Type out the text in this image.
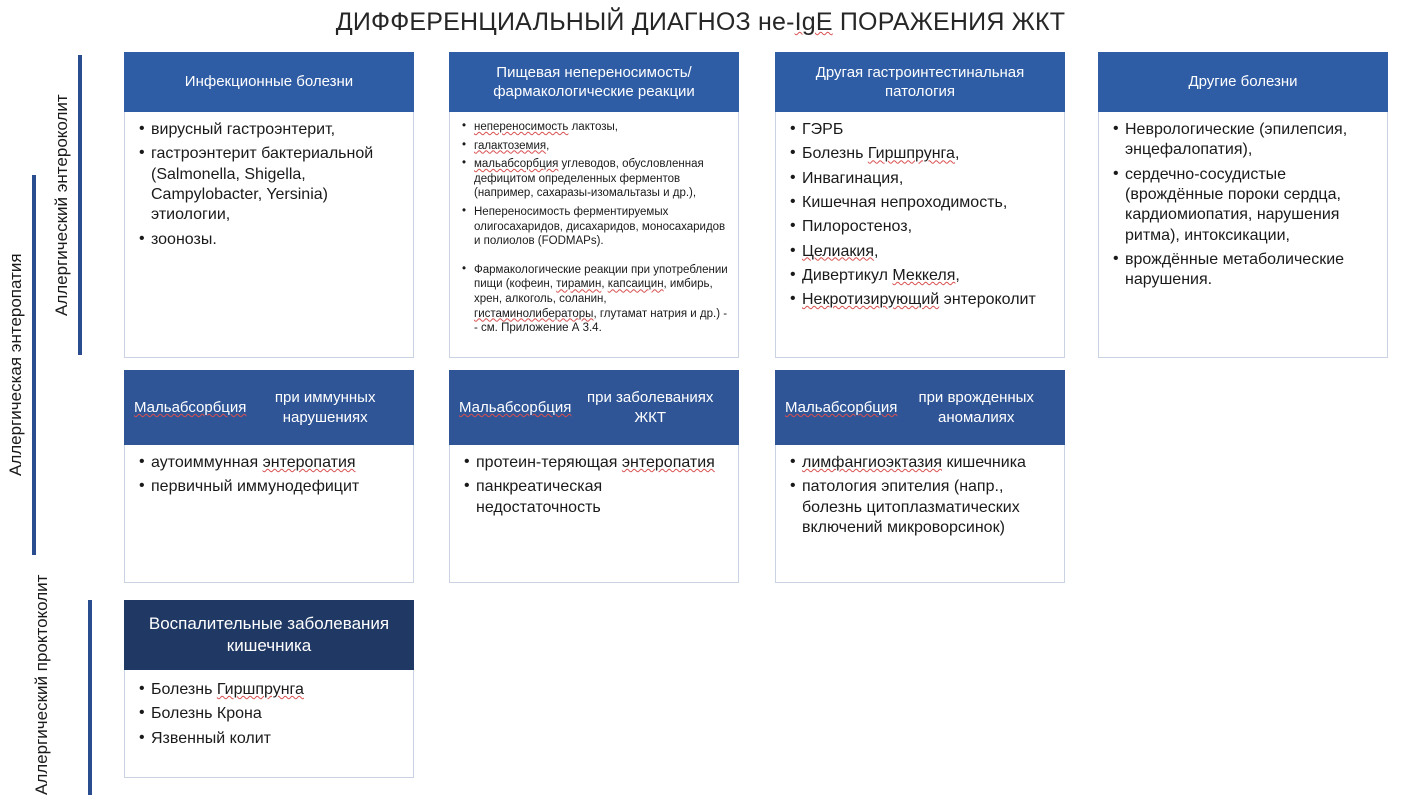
ДИФФЕРЕНЦИАЛЬНЫЙ ДИАГНОЗ не-IgE ПОРАЖЕНИЯ ЖКТ
Аллергическая энтеропатия
Аллергический энтероколит
Аллергический проктоколит
Инфекционные болезни
• вирусный гастроэнтерит,
• гастроэнтерит бактериальной (Salmonella, Shigella, Campylobacter, Yersinia) этиологии,
• зоонозы.
Пищевая непереносимость/ фармакологические реакции
• непереносимость лактозы,
• галактоземия,
• мальабсорбция углеводов, обусловленная дефицитом определенных ферментов (например, сахаразы-изомальтазы и др.),
• Непереносимость ферментируемых олигосахаридов, дисахаридов, моносахаридов и полиолов (FODMAPs).
• Фармакологические реакции при употреблении пищи (кофеин, тирамин, капсаицин, имбирь, хрен, алкоголь, соланин, гистаминолибераторы, глутамат натрия и др.) -- см. Приложение А 3.4.
Другая гастроинтестинальная патология
• ГЭРБ
• Болезнь Гиршпрунга,
• Инвагинация,
• Кишечная непроходимость,
• Пилоростеноз,
• Целиакия,
• Дивертикул Меккеля,
• Некротизирующий энтероколит
Другие болезни
• Неврологические (эпилепсия, энцефалопатия),
• сердечно-сосудистые (врождённые пороки сердца, кардиомиопатия, нарушения ритма), интоксикации,
• врождённые метаболические нарушения.
Мальабсорбция
при иммунных нарушениях
• аутоиммунная энтеропатия
• первичный иммунодефицит
Мальабсорбция
при заболеваниях ЖКТ
• протеин-теряющая энтеропатия
• панкреатическая недостаточность
Мальабсорбция
при врожденных аномалиях
• лимфангиоэктазия кишечника
• патология эпителия (напр., болезнь цитоплазматических включений микроворсинок)
Воспалительные заболевания кишечника
• Болезнь Гиршпрунга
• Болезнь Крона
• Язвенный колит
